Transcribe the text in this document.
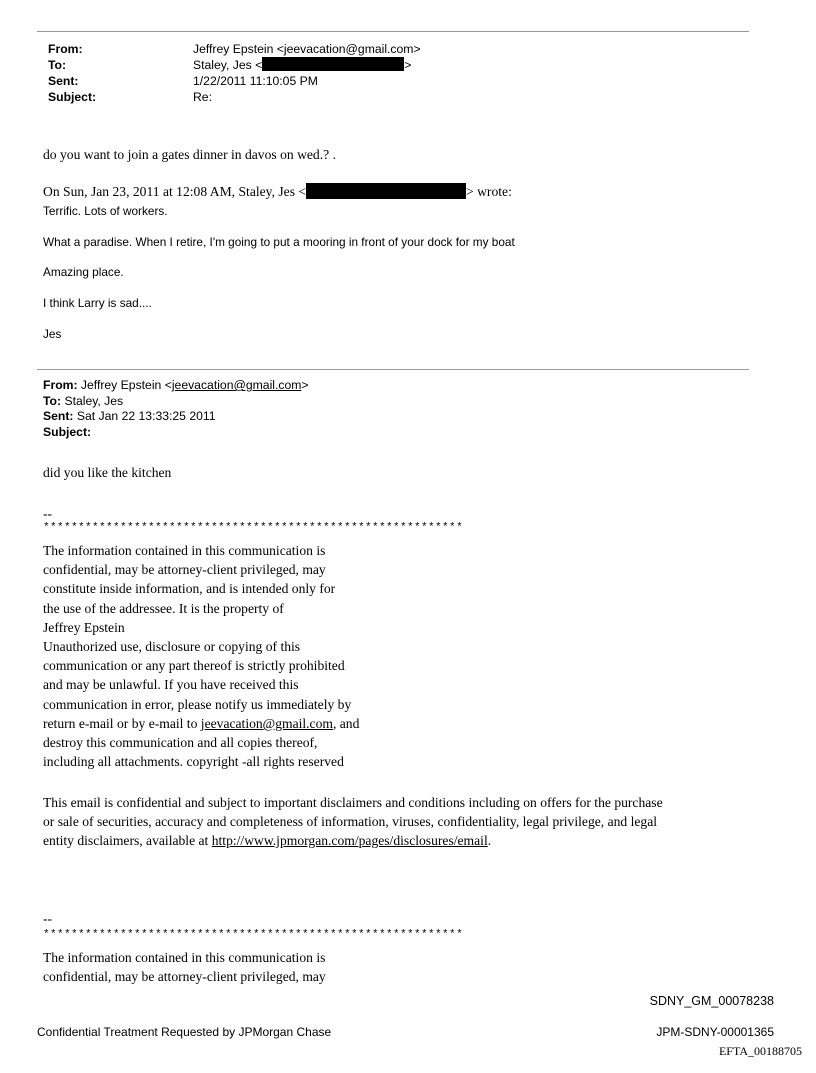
From:	Jeffrey Epstein <jeevacation@gmail.com>
To:	Staley, Jes <	>
Sent:	1/22/2011 11:10:05 PM
Subject:	Re:
do you want to join a gates dinner in davos on wed.? .
On Sun, Jan 23, 2011 at 12:08 AM, Staley, Jes <	> wrote:
Terrific. Lots of workers.
What a paradise. When I retire, I'm going to put a mooring in front of your dock for my boat
Amazing place.
I think Larry is sad....
Jes
From: Jeffrey Epstein <jeevacation@gmail.com>
To: Staley, Jes
Sent: Sat Jan 22 13:33:25 2011
Subject:
did you like the kitchen
--
************************************************************
The information contained in this communication is
confidential, may be attorney-client privileged, may
constitute inside information, and is intended only for
the use of the addressee. It is the property of
Jeffrey Epstein
Unauthorized use, disclosure or copying of this
communication or any part thereof is strictly prohibited
and may be unlawful. If you have received this
communication in error, please notify us immediately by
return e-mail or by e-mail to jeevacation@gmail.com, and
destroy this communication and all copies thereof,
including all attachments. copyright -all rights reserved
This email is confidential and subject to important disclaimers and conditions including on offers for the purchase
or sale of securities, accuracy and completeness of information, viruses, confidentiality, legal privilege, and legal
entity disclaimers, available at http://www.jpmorgan.com/pages/disclosures/email.
--
************************************************************
The information contained in this communication is
confidential, may be attorney-client privileged, may
SDNY_GM_00078238
Confidential Treatment Requested by JPMorgan Chase	JPM-SDNY-00001365
EFTA_00188705
